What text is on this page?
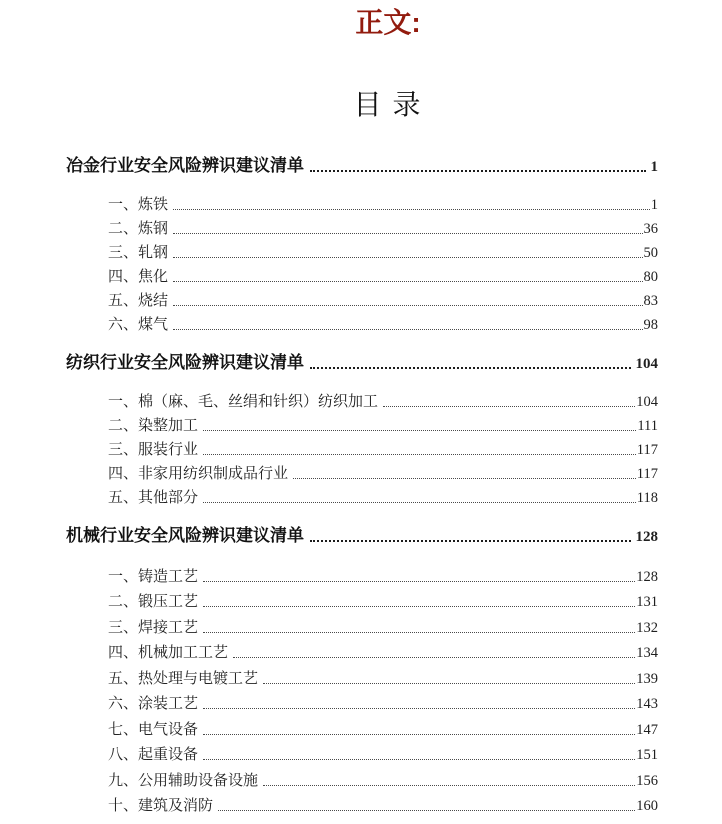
正文:
目 录
冶金行业安全风险辨识建议清单	1
一、炼铁	1
二、炼钢	36
三、轧钢	50
四、焦化	80
五、烧结	83
六、煤气	98
纺织行业安全风险辨识建议清单	104
一、棉（麻、毛、丝绢和针织）纺织加工	104
二、染整加工	111
三、服装行业	117
四、非家用纺织制成品行业	117
五、其他部分	118
机械行业安全风险辨识建议清单	128
一、铸造工艺	128
二、锻压工艺	131
三、焊接工艺	132
四、机械加工工艺	134
五、热处理与电镀工艺	139
六、涂装工艺	143
七、电气设备	147
八、起重设备	151
九、公用辅助设备设施	156
十、建筑及消防	160
